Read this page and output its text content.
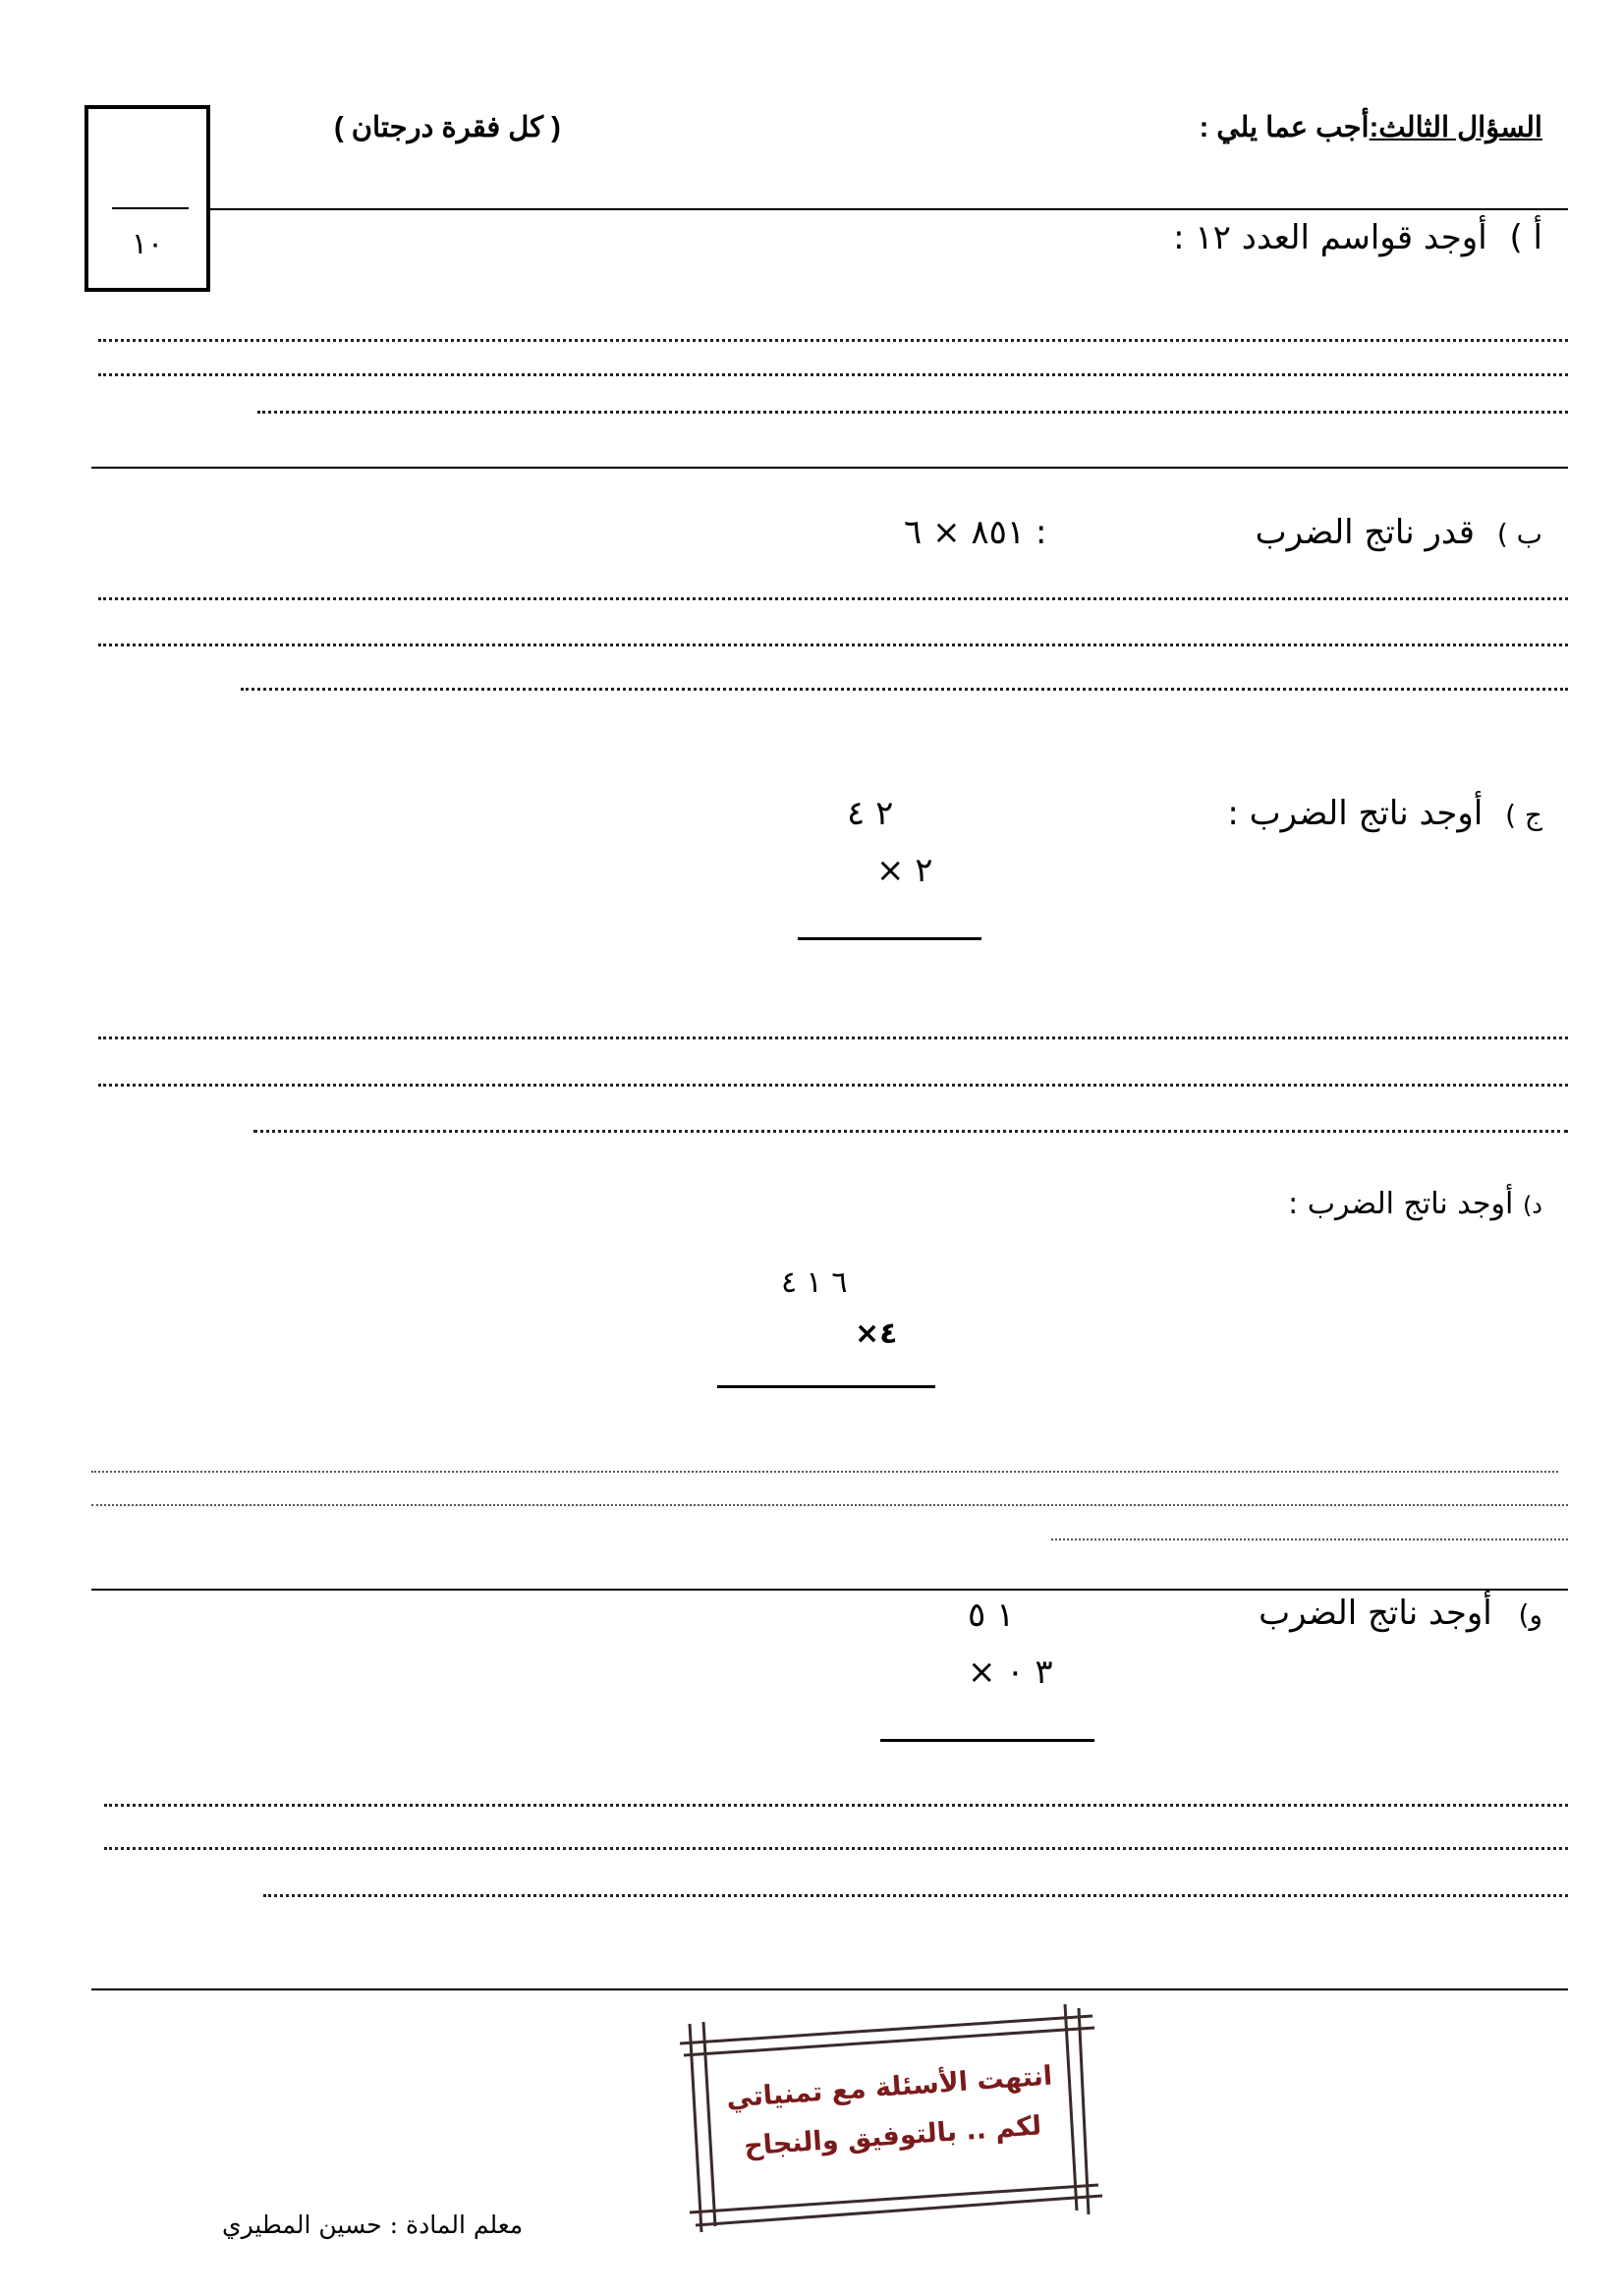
١٠
السؤال الثالث:أجب عما يلي :
( كل فقرة درجتان )
أ ) أوجد قواسم العدد ١٢ :
ب ) قدر ناتج الضرب
٨٥١ × ٦ :
ج ) أوجد ناتج الضرب :
٢ ٤
× ٢
د) أوجد ناتج الضرب :
٦ ١ ٤
×٤
و) أوجد ناتج الضرب
١ ٥
× ٣ ٠
انتهت الأسئلة مع تمنياتي
لكم .. بالتوفيق والنجاح
معلم المادة : حسين المطيري
